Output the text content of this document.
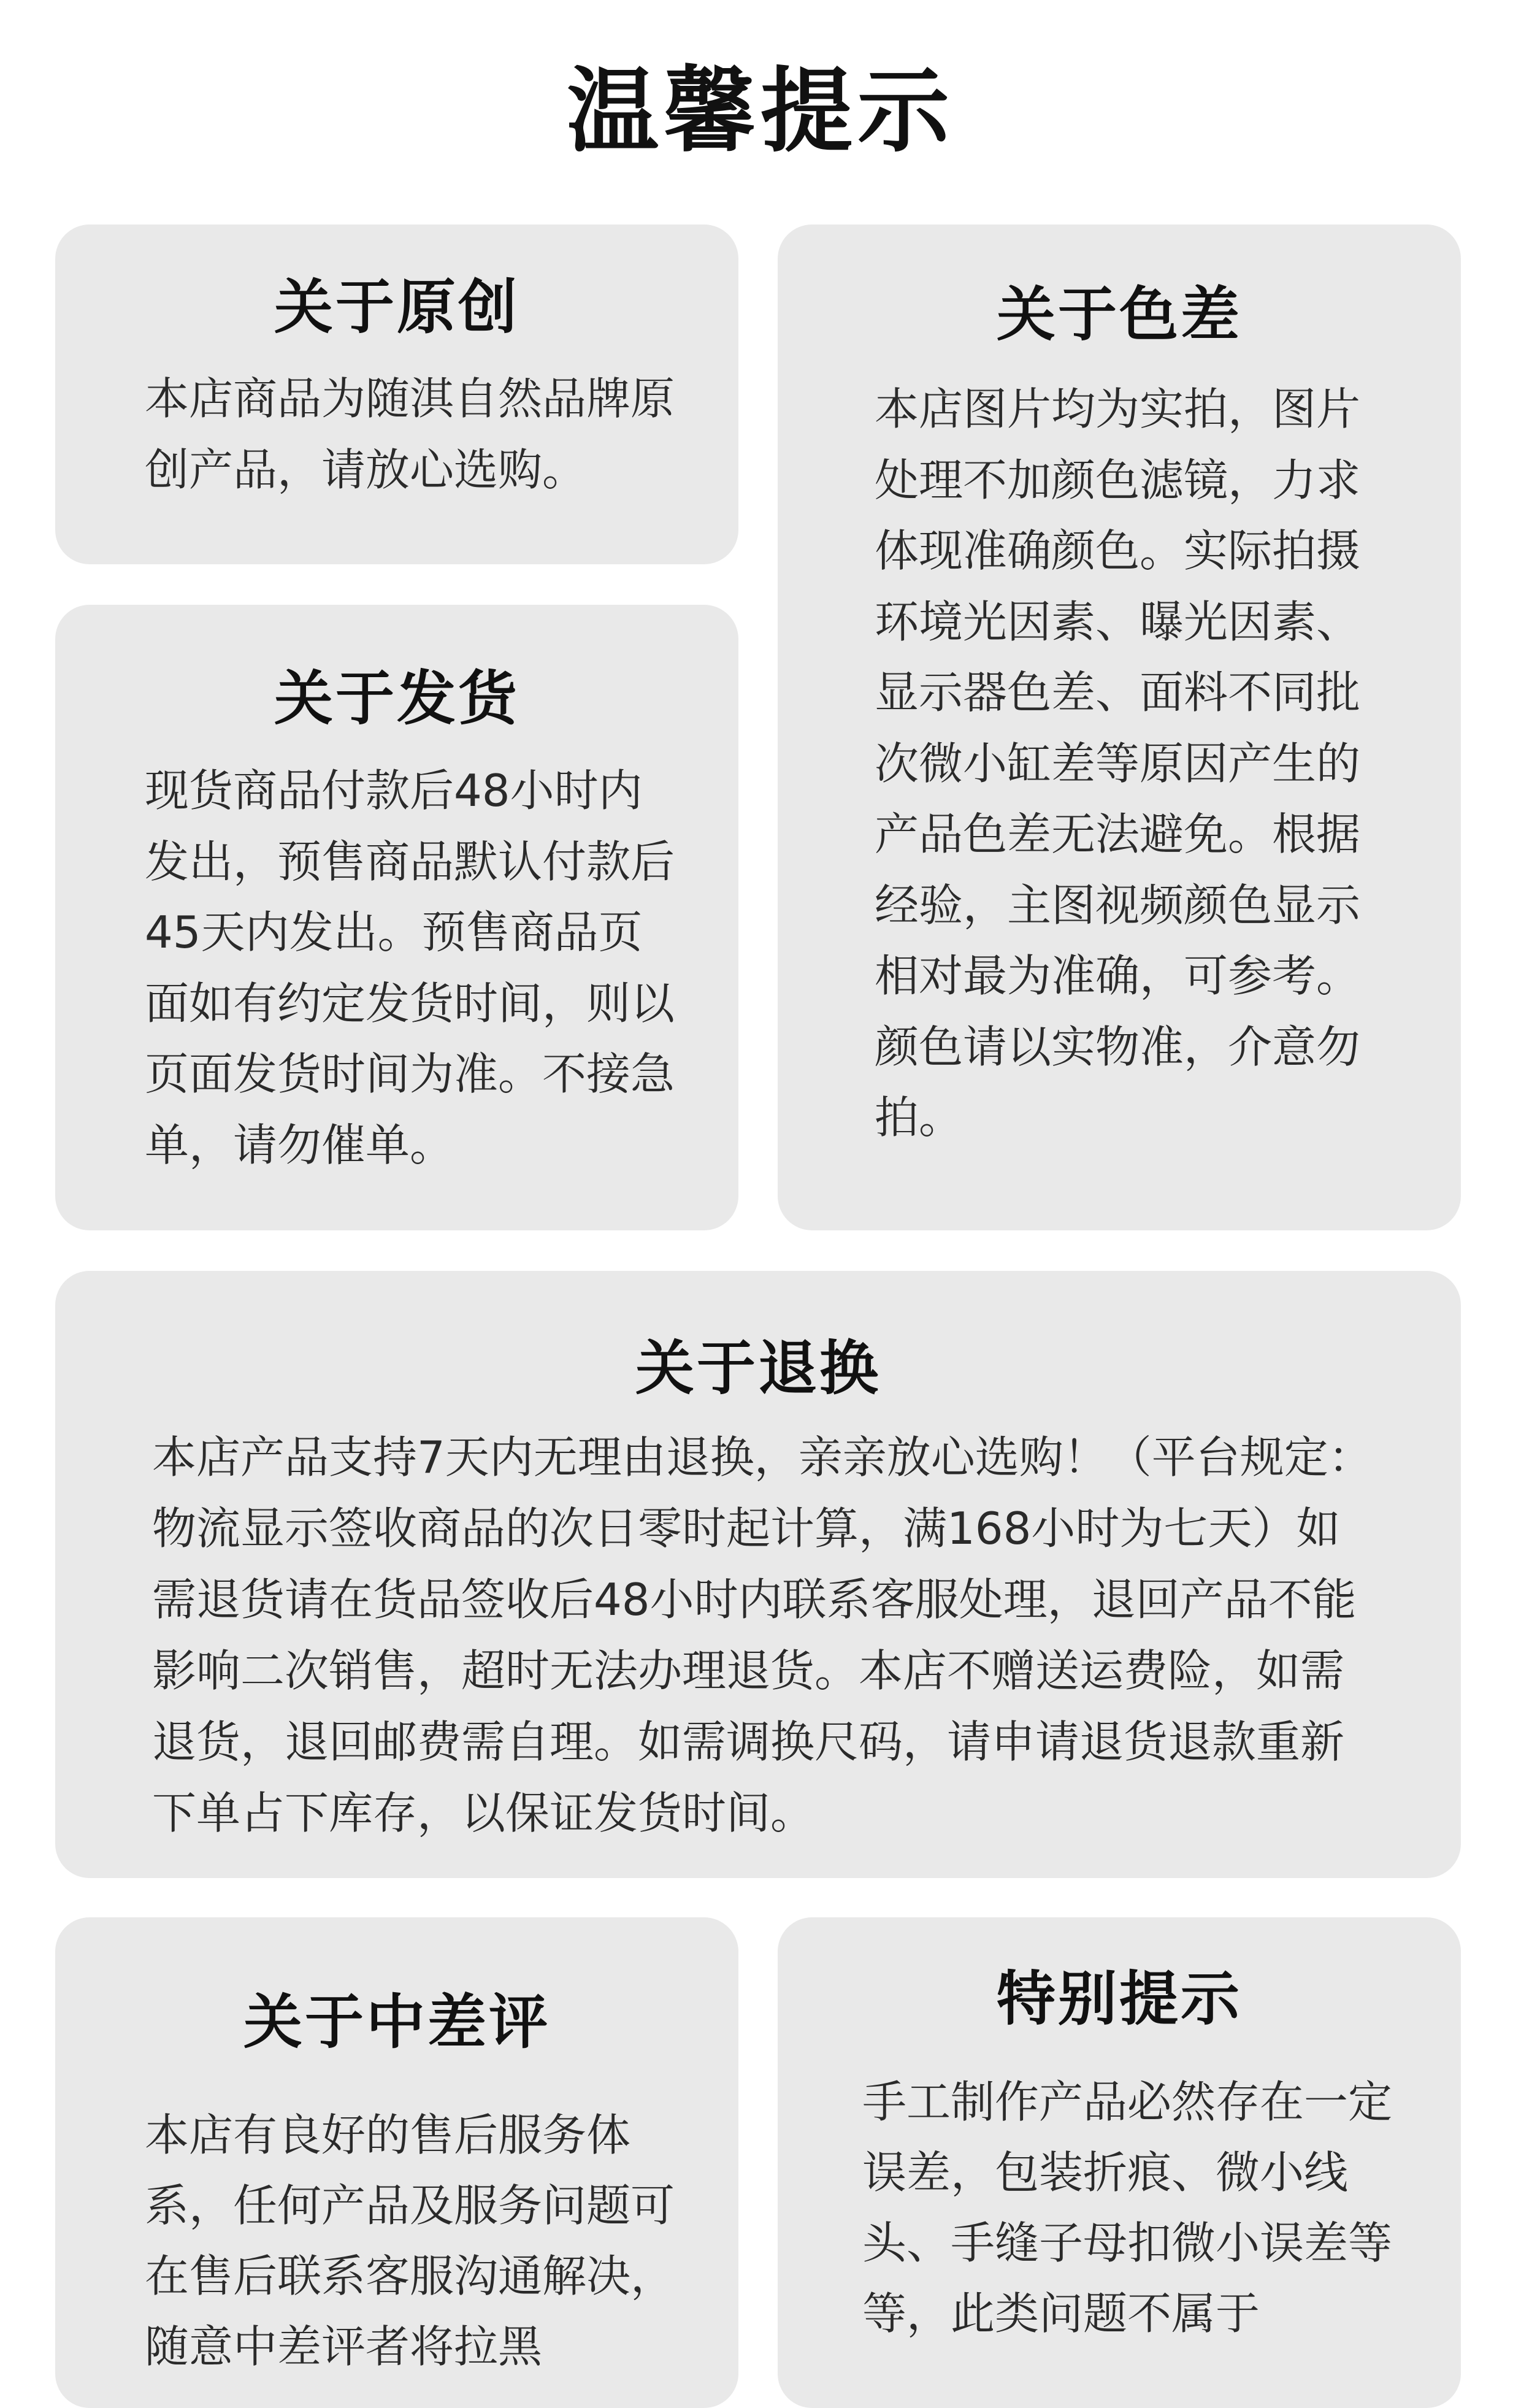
温馨提示
关于原创
本店商品为随淇自然品牌原创产品，请放心选购。
关于色差
本店图片均为实拍，图片处理不加颜色滤镜，力求体现准确颜色。实际拍摄环境光因素、曝光因素、显示器色差、面料不同批次微小缸差等原因产生的产品色差无法避免。根据经验，主图视频颜色显示相对最为准确，可参考。颜色请以实物准，介意勿拍。
关于发货
现货商品付款后48小时内发出，预售商品默认付款后45天内发出。预售商品页面如有约定发货时间，则以页面发货时间为准。不接急单，请勿催单。
关于退换
本店产品支持7天内无理由退换，亲亲放心选购！（平台规定：物流显示签收商品的次日零时起计算，满168小时为七天）如需退货请在货品签收后48小时内联系客服处理，退回产品不能影响二次销售，超时无法办理退货。本店不赠送运费险，如需退货，退回邮费需自理。如需调换尺码，请申请退货退款重新下单占下库存，以保证发货时间。
关于中差评
本店有良好的售后服务体系，任何产品及服务问题可在售后联系客服沟通解决，随意中差评者将拉黑
特别提示
手工制作产品必然存在一定误差，包装折痕、微小线头、手缝子母扣微小误差等等，此类问题不属于
